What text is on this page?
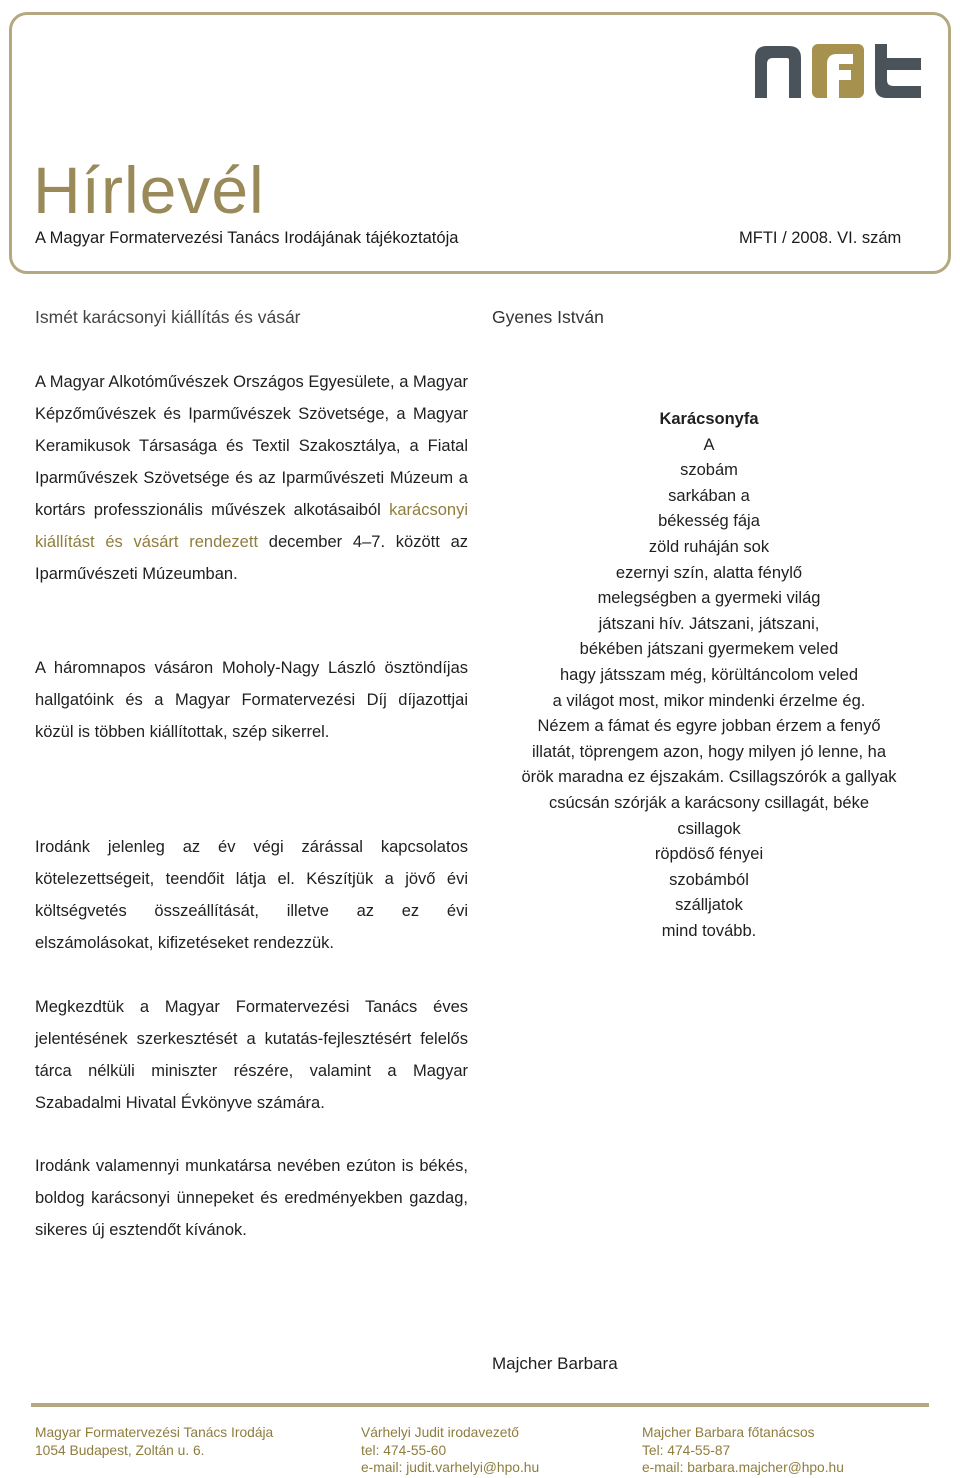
Hírlevél
A Magyar Formatervezési Tanács Irodájának tájékoztatója	MFTI / 2008. VI. szám
Ismét karácsonyi kiállítás és vásár	Gyenes István
A Magyar Alkotóművészek Országos Egyesülete, a Magyar Képzőművészek és Iparművészek Szövetsége, a Magyar Keramikusok Társasága és Textil Szakosztálya, a Fiatal Iparművészek Szövetsége és az Iparművészeti Múzeum a kortárs professzionális művészek alkotásaiból karácsonyi kiállítást és vásárt rendezett december 4–7. között az Iparművészeti Múzeumban.
A háromnapos vásáron Moholy-Nagy László ösztöndíjas hallgatóink és a Magyar Formatervezési Díj díjazottjai közül is többen kiállítottak, szép sikerrel.
Irodánk jelenleg az év végi zárással kapcsolatos kötelezettségeit, teendőit látja el. Készítjük a jövő évi költségvetés összeállítását, illetve az ez évi elszámolásokat, kifizetéseket rendezzük.
Megkezdtük a Magyar Formatervezési Tanács éves jelentésének szerkesztését a kutatás-fejlesztésért felelős tárca nélküli miniszter részére, valamint a Magyar Szabadalmi Hivatal Évkönyve számára.
Irodánk valamennyi munkatársa nevében ezúton is békés, boldog karácsonyi ünnepeket és eredményekben gazdag, sikeres új esztendőt kívánok.
Karácsonyfa
A
szobám
sarkában a
békesség fája
zöld ruháján sok
ezernyi szín, alatta fénylő
melegségben a gyermeki világ
játszani hív. Játszani, játszani,
békében játszani gyermekem veled
hagy játsszam még, körültáncolom veled
a világot most, mikor mindenki érzelme ég.
Nézem a fámat és egyre jobban érzem a fenyő
illatát, töprengem azon, hogy milyen jó lenne, ha
örök maradna ez éjszakám. Csillagszórók a gallyak
csúcsán szórják a karácsony csillagát, béke
csillagok
röpdöső fényei
szobámból
szálljatok
mind tovább.
Majcher Barbara
Magyar Formatervezési Tanács Irodája
1054 Budapest, Zoltán u. 6.
Várhelyi Judit irodavezető
tel: 474-55-60
e-mail: judit.varhelyi@hpo.hu
Majcher Barbara főtanácsos
Tel: 474-55-87
e-mail: barbara.majcher@hpo.hu
